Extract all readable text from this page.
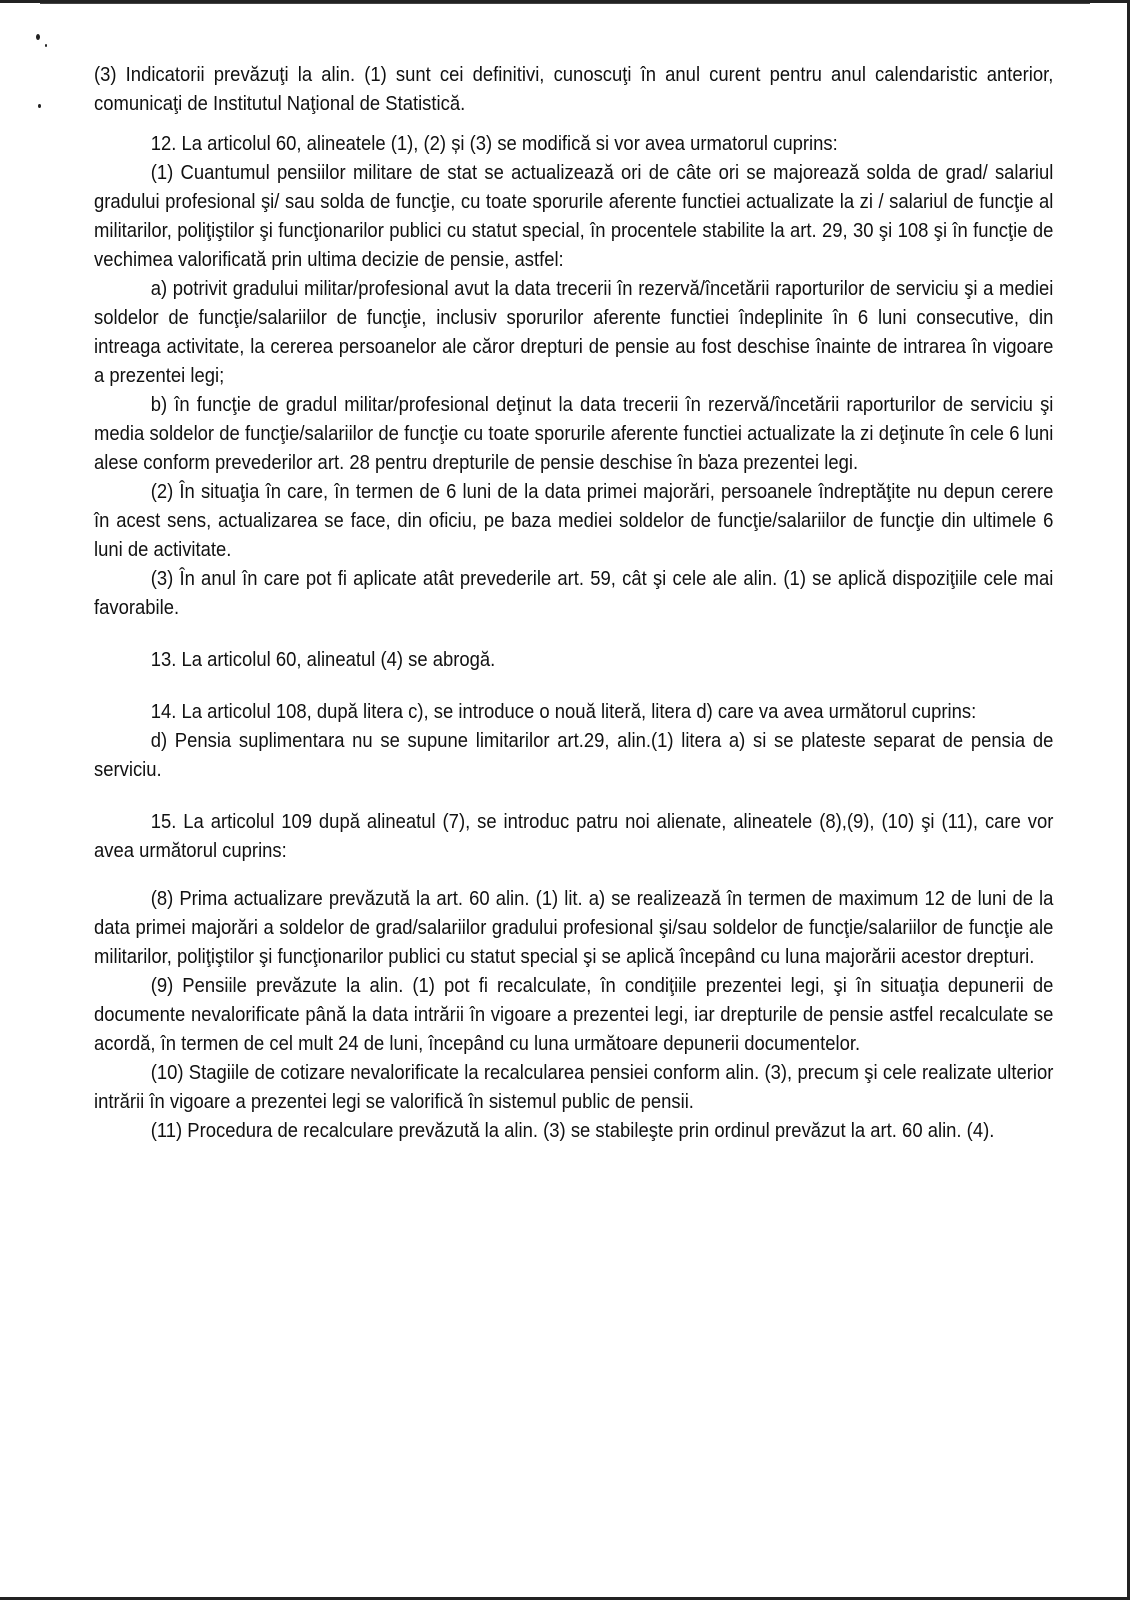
(3) Indicatorii prevăzuţi la alin. (1) sunt cei definitivi, cunoscuţi în anul curent pentru anul calendaristic anterior, comunicaţi de Institutul Naţional de Statistică.

12. La articolul 60, alineatele (1), (2) și (3) se modifică si vor avea urmatorul cuprins:

(1) Cuantumul pensiilor militare de stat se actualizează ori de câte ori se majorează solda de grad/ salariul gradului profesional şi/ sau solda de funcţie, cu toate sporurile aferente functiei actualizate la zi / salariul de funcţie al militarilor, poliţiştilor şi funcţionarilor publici cu statut special, în procentele stabilite la art. 29, 30 şi 108 şi în funcţie de vechimea valorificată prin ultima decizie de pensie, astfel:

a) potrivit gradului militar/profesional avut la data trecerii în rezervă/încetării raporturilor de serviciu şi a mediei soldelor de funcţie/salariilor de funcţie, inclusiv sporurilor aferente functiei îndeplinite în 6 luni consecutive, din intreaga activitate, la cererea persoanelor ale căror drepturi de pensie au fost deschise înainte de intrarea în vigoare a prezentei legi;

b) în funcţie de gradul militar/profesional deţinut la data trecerii în rezervă/încetării raporturilor de serviciu şi media soldelor de funcţie/salariilor de funcţie cu toate sporurile aferente functiei actualizate la zi deţinute în cele 6 luni alese conform prevederilor art. 28 pentru drepturile de pensie deschise în baza prezentei legi.

(2) În situaţia în care, în termen de 6 luni de la data primei majorări, persoanele îndreptăţite nu depun cerere în acest sens, actualizarea se face, din oficiu, pe baza mediei soldelor de funcţie/salariilor de funcţie din ultimele 6 luni de activitate.

(3) În anul în care pot fi aplicate atât prevederile art. 59, cât şi cele ale alin. (1) se aplică dispoziţiile cele mai favorabile.

13. La articolul 60, alineatul (4) se abrogă.

14. La articolul 108, după litera c), se introduce o nouă literă, litera d) care va avea următorul cuprins:

d) Pensia suplimentara nu se supune limitarilor art.29, alin.(1) litera a) si se plateste separat de pensia de serviciu.

15. La articolul 109 după alineatul (7), se introduc patru noi alienate, alineatele (8),(9), (10) şi (11), care vor avea următorul cuprins:

(8) Prima actualizare prevăzută la art. 60 alin. (1) lit. a) se realizează în termen de maximum 12 de luni de la data primei majorări a soldelor de grad/salariilor gradului profesional şi/sau soldelor de funcţie/salariilor de funcţie ale militarilor, poliţiştilor şi funcţionarilor publici cu statut special şi se aplică începând cu luna majorării acestor drepturi.

(9) Pensiile prevăzute la alin. (1) pot fi recalculate, în condiţiile prezentei legi, şi în situaţia depunerii de documente nevalorificate până la data intrării în vigoare a prezentei legi, iar drepturile de pensie astfel recalculate se acordă, în termen de cel mult 24 de luni, începând cu luna următoare depunerii documentelor.

(10) Stagiile de cotizare nevalorificate la recalcularea pensiei conform alin. (3), precum şi cele realizate ulterior intrării în vigoare a prezentei legi se valorifică în sistemul public de pensii.

(11) Procedura de recalculare prevăzută la alin. (3) se stabileşte prin ordinul prevăzut la art. 60 alin. (4).
